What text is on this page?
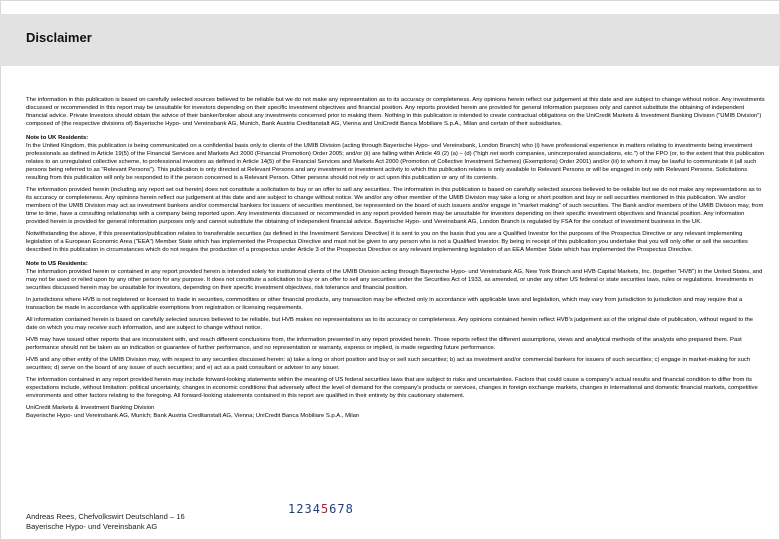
Disclaimer

The information in this publication is based on carefully selected sources believed to be reliable but we do not make any representation as to its accuracy or completeness. Any opinions herein reflect our judgement at this date and are subject to change without notice. Any investments discussed or recommended in this report may be unsuitable for investors depending on their specific investment objectives and financial position. Any reports provided herein are provided for general information purposes only and cannot substitute the obtaining of independent financial advice. Private Investors should obtain the advice of their banker/broker about any investments concerned prior to making them. Nothing in this publication is intended to create contractual obligations on the UniCredit Markets & Investment Banking Division ("UMIB Division") composed of (the respective divisions of) Bayerische Hypo- und Vereinsbank AG, Munich, Bank Austria Creditanstalt AG, Vienna and UniCredit Banca Mobiliare S.p.A., Milan and certain of their subsidiaries.

Note to UK Residents:

In the United Kingdom, this publication is being communicated on a confidential basis only to clients of the UMIB Division (acting through Bayerische Hypo- und Vereinsbank, London Branch) who (i) have professional experience in matters relating to investments being investment professionals as defined in Article 19(5) of the Financial Services and Markets Act 2000 (Financial Promotion) Order 2005; and/or (ii) are falling within Article 49 (2) (a) – (d) ("high net worth companies, unincorporated associations, etc.") of the FPO (or, to the extent that this publication relates to an unregulated collective scheme, to professional investors as defined in Article 14(5) of the Financial Services and Markets Act 2000 (Promotion of Collective Investment Schemes) (Exemptions) Order 2001) and/or (iii) to whom it may be lawful to communicate it (all such persons being referred to as "Relevant Persons"). This publication is only directed at Relevant Persons and any investment or investment activity to which this publication relates is only available to Relevant Persons or will be engaged in only with Relevant Persons. Solicitations resulting from this publication will only be responded to if the person concerned is a Relevant Person. Other persons should not rely or act upon this publication or any of its contents.

The information provided herein (including any report set out herein) does not constitute a solicitation to buy or an offer to sell any securities. The information in this publication is based on carefully selected sources believed to be reliable but we do not make any representations as to its accuracy or completeness. Any opinions herein reflect our judgement at this date and are subject to change without notice. We and/or any other member of the UMIB Division may take a long or short position and buy or sell securities mentioned in this publication. We and/or members of the UMIB Division may act as investment bankers and/or commercial bankers for issuers of securities mentioned, be represented on the board of such issuers and/or engage in "market making" of such securities. The Bank and/or members of the UMIB Division may, from time to time, have a consulting relationship with a company being reported upon. Any investments discussed or recommended in any report provided herein may be unsuitable for investors depending on their specific investment objectives and financial position. Any information provided herein is provided for general information purposes only and cannot substitute the obtaining of independent financial advice. Bayerische Hypo- und Vereinsbank AG, London Branch is regulated by FSA for the conduct of investment business in the UK.

Notwithstanding the above, if this presentation/publication relates to transferable securities (as defined in the Investment Services Directive) it is sent to you on the basis that you are a Qualified Investor for the purposes of the Prospectus Directive or any relevant implementing legislation of a European Economic Area ("EEA") Member State which has implemented the Prospectus Directive and must not be given to any person who is not a Qualified Investor. By being in receipt of this publication you undertake that you will only offer or sell the securities described in this publication in circumstances which do not require the production of a prospectus under Article 3 of the Prospectus Directive or any relevant implementing legislation of an EEA Member State which has implemented the Prospectus Directive.

Note to US Residents:

The information provided herein or contained in any report provided herein is intended solely for institutional clients of the UMIB Division acting through Bayerische Hypo- und Vereinsbank AG, New York Branch and HVB Capital Markets, Inc. (together "HVB") in the United States, and may not be used or relied upon by any other person for any purpose. It does not constitute a solicitation to buy or an offer to sell any securities under the Securities Act of 1933, as amended, or under any other US federal or state securities laws, rules or regulations. Investments in securities discussed herein may be unsuitable for investors, depending on their specific investment objectives, risk tolerance and financial position.

In jurisdictions where HVB is not registered or licensed to trade in securities, commodities or other financial products, any transaction may be effected only in accordance with applicable laws and legislation, which may vary from jurisdiction to jurisdiction and may require that a transaction be made in accordance with applicable exemptions from registration or licensing requirements.

All information contained herein is based on carefully selected sources believed to be reliable, but HVB makes no representations as to its accuracy or completeness. Any opinions contained herein reflect HVB's judgement as of the original date of publication, without regard to the date on which you may receive such information, and are subject to change without notice.

HVB may have issued other reports that are inconsistent with, and reach different conclusions from, the information presented in any report provided herein. Those reports reflect the different assumptions, views and analytical methods of the analysts who prepared them. Past performance should not be taken as an indication or guarantee of further performance, and no representation or warranty, express or implied, is made regarding future performance.

HVB and any other entity of the UMIB Division may, with respect to any securities discussed herein: a) take a long or short position and buy or sell such securities; b) act as investment and/or commercial bankers for issuers of such securities; c) engage in market-making for such securities; d) serve on the board of any issuer of such securities; and e) act as a paid consultant or adviser to any issuer.

The information contained in any report provided herein may include forward-looking statements within the meaning of US federal securities laws that are subject to risks and uncertainties. Factors that could cause a company's actual results and financial condition to differ from its expectations include, without limitation: political uncertainty, changes in economic conditions that adversely affect the level of demand for the company's products or services, changes in foreign exchange markets, changes in international and domestic financial markets, competitive environments and other factors relating to the foregoing. All forward-looking statements contained in this report are qualified in their entirety by this cautionary statement.

UniCredit Markets & Investment Banking Division

Bayerische Hypo- und Vereinsbank AG, Munich; Bank Austria Creditanstalt AG, Vienna; UniCredit Banca Mobiliare S.p.A., Milan

12345678
Andreas Rees, Chefvolkswirt Deutschland – 16
Bayerische Hypo- und Vereinsbank AG
